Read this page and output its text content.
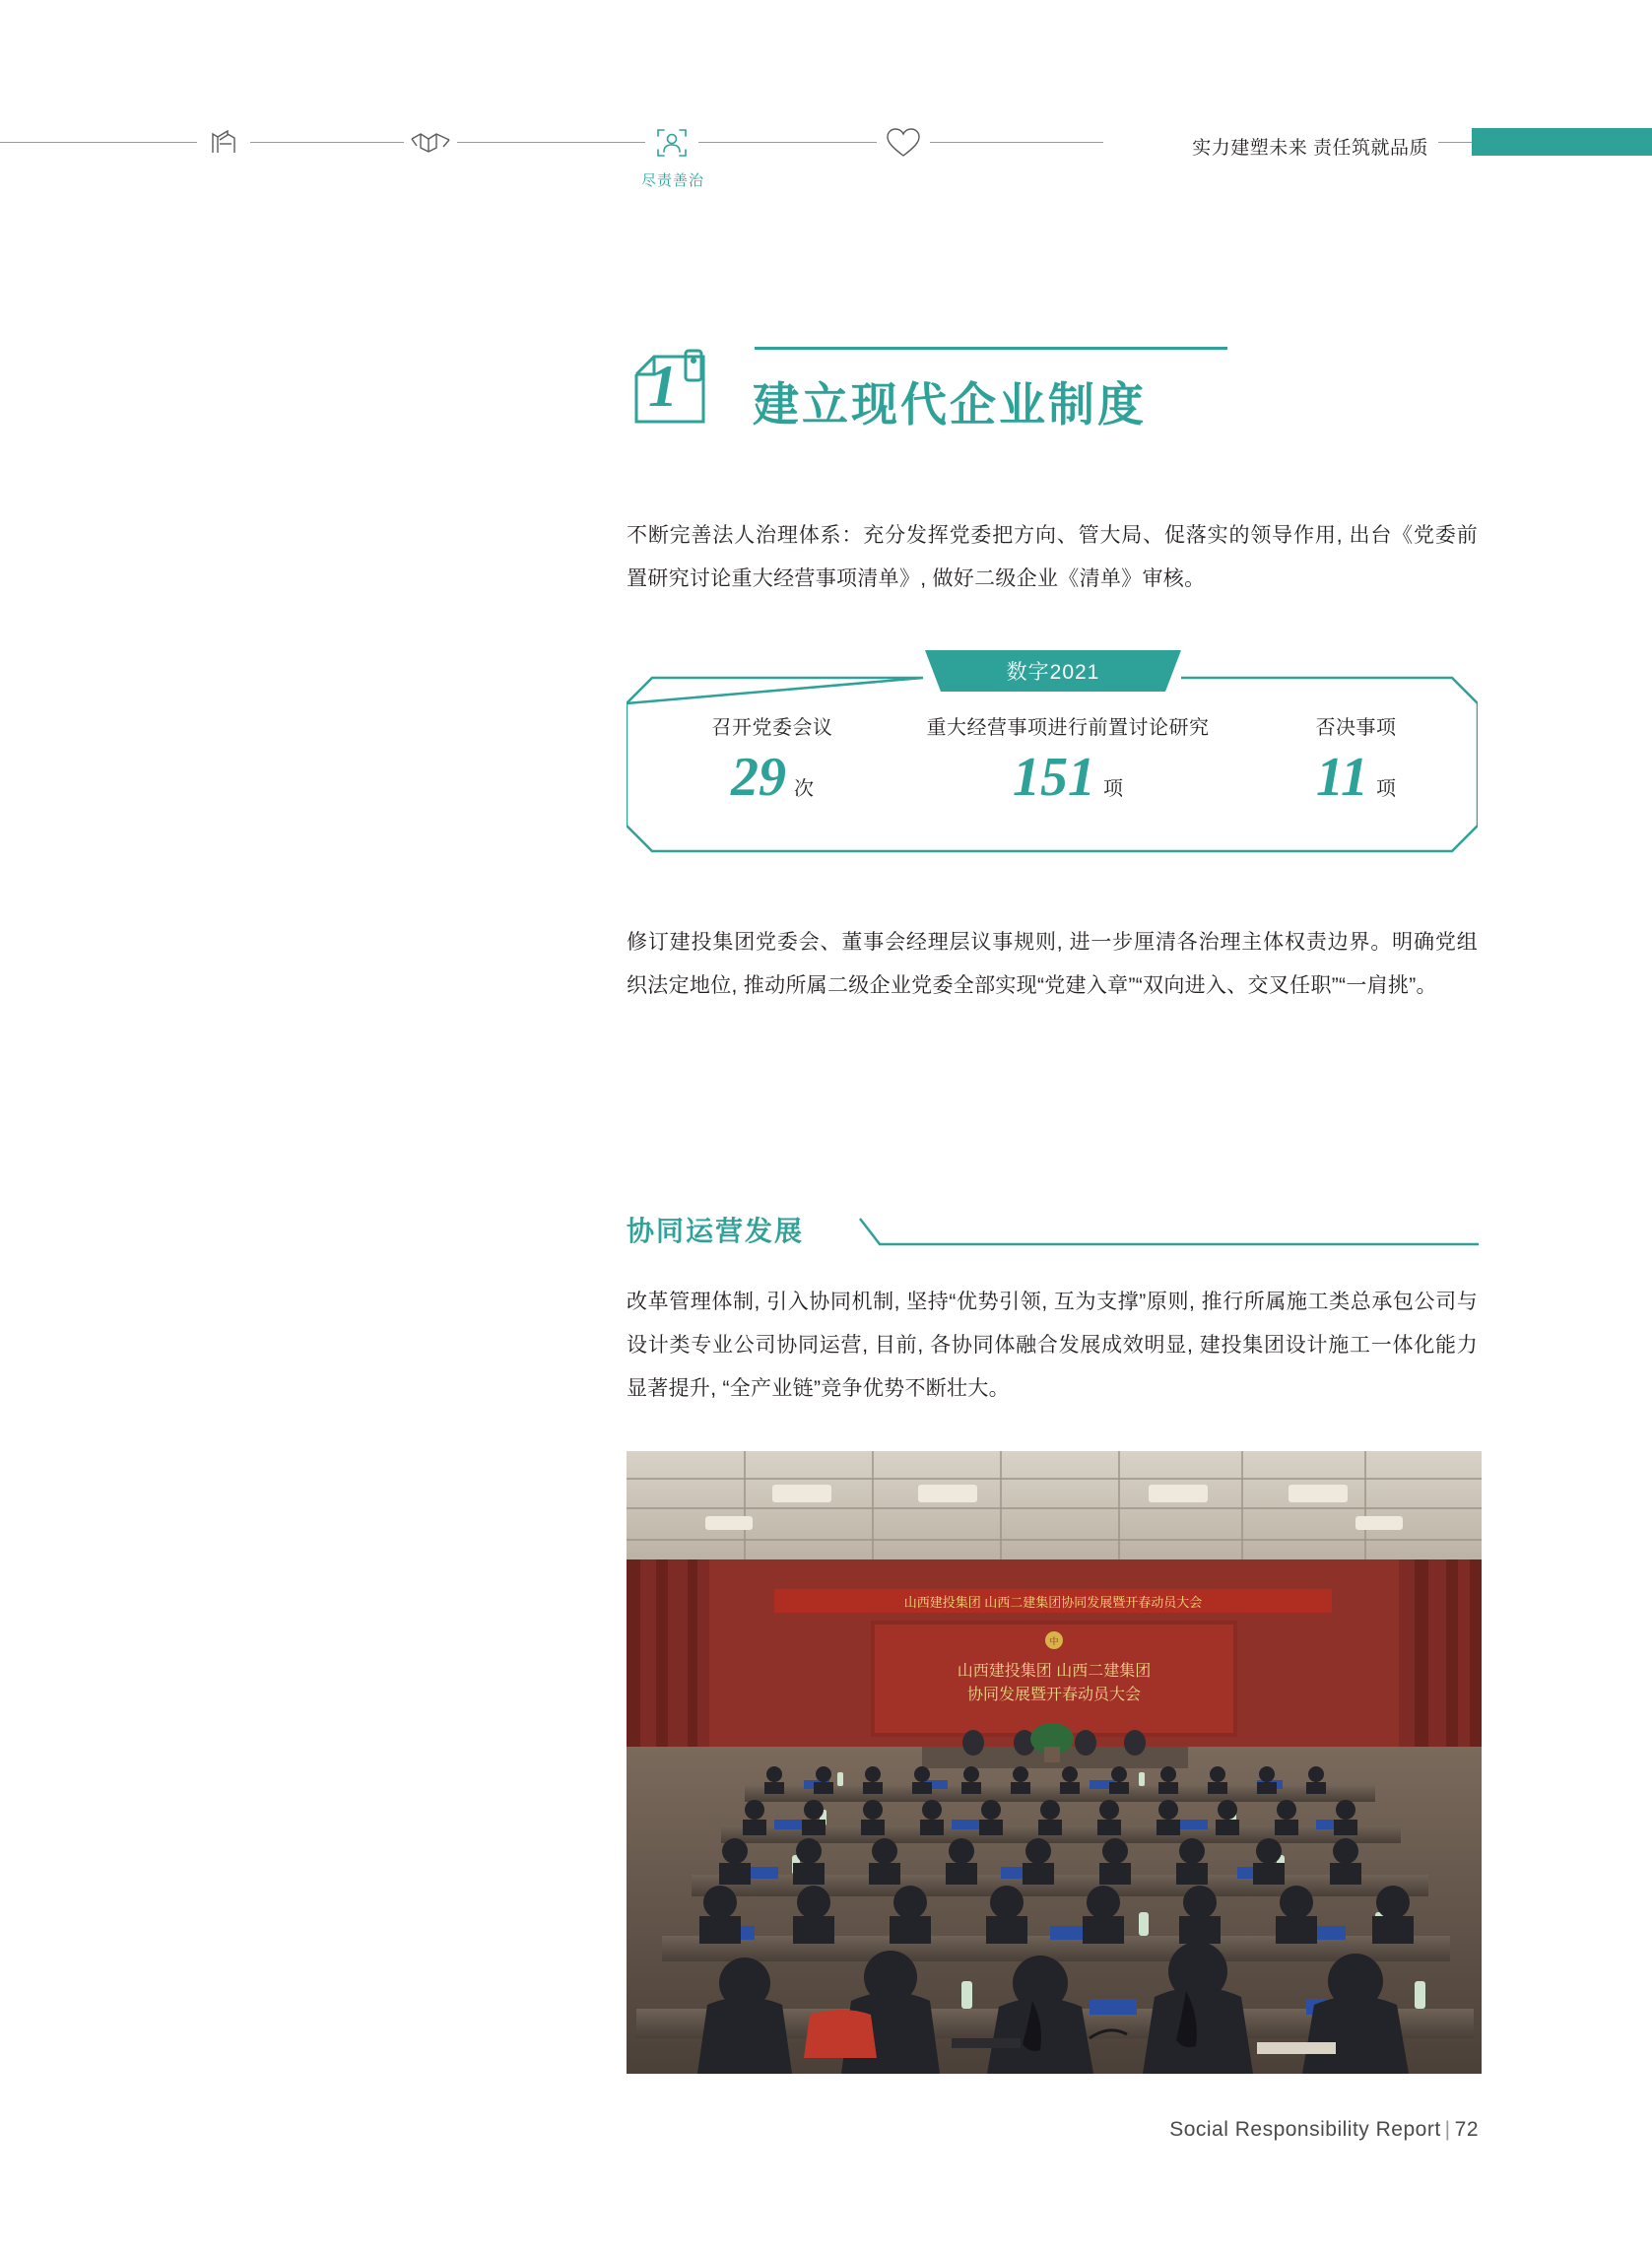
尽责善治
实力建塑未来 责任筑就品质
1 建立现代企业制度
不断完善法人治理体系：充分发挥党委把方向、管大局、促落实的领导作用, 出台《党委前置研究讨论重大经营事项清单》, 做好二级企业《清单》审核。
数字2021
召开党委会议
29 次
重大经营事项进行前置讨论研究
151 项
否决事项
11 项
修订建投集团党委会、董事会经理层议事规则, 进一步厘清各治理主体权责边界。明确党组织法定地位, 推动所属二级企业党委全部实现“党建入章”“双向进入、交叉任职”“一肩挑”。
协同运营发展
改革管理体制, 引入协同机制, 坚持“优势引领, 互为支撑”原则, 推行所属施工类总承包公司与设计类专业公司协同运营, 目前, 各协同体融合发展成效明显, 建投集团设计施工一体化能力显著提升, “全产业链”竞争优势不断壮大。
山西建投集团 山西二建集团协同发展暨开春动员大会
中
山西建投集团 山西二建集团
协同发展暨开春动员大会
Social Responsibility Report | 72
